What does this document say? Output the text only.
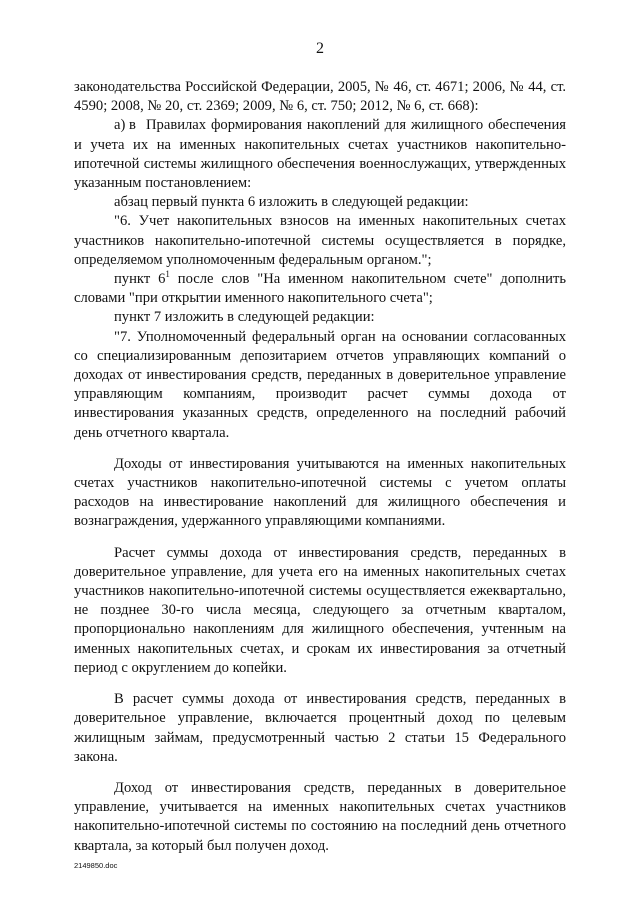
2

законодательства Российской Федерации, 2005, № 46, ст. 4671; 2006, № 44, ст. 4590; 2008, № 20, ст. 2369; 2009, № 6, ст. 750; 2012, № 6, ст. 668):

а) в Правилах формирования накоплений для жилищного обеспечения и учета их на именных накопительных счетах участников накопительно-ипотечной системы жилищного обеспечения военнослужащих, утвержденных указанным постановлением:

абзац первый пункта 6 изложить в следующей редакции:

"6. Учет накопительных взносов на именных накопительных счетах участников накопительно-ипотечной системы осуществляется в порядке, определяемом уполномоченным федеральным органом.";

пункт $6^1$ после слов "На именном накопительном счете" дополнить словами "при открытии именного накопительного счета";

пункт 7 изложить в следующей редакции:

"7. Уполномоченный федеральный орган на основании согласованных со специализированным депозитарием отчетов управляющих компаний о доходах от инвестирования средств, переданных в доверительное управление управляющим компаниям, производит расчет суммы дохода от инвестирования указанных средств, определенного на последний рабочий день отчетного квартала.

Доходы от инвестирования учитываются на именных накопительных счетах участников накопительно-ипотечной системы с учетом оплаты расходов на инвестирование накоплений для жилищного обеспечения и вознаграждения, удержанного управляющими компаниями.

Расчет суммы дохода от инвестирования средств, переданных в доверительное управление, для учета его на именных накопительных счетах участников накопительно-ипотечной системы осуществляется ежеквартально, не позднее 30-го числа месяца, следующего за отчетным кварталом, пропорционально накоплениям для жилищного обеспечения, учтенным на именных накопительных счетах, и срокам их инвестирования за отчетный период с округлением до копейки.

В расчет суммы дохода от инвестирования средств, переданных в доверительное управление, включается процентный доход по целевым жилищным займам, предусмотренный частью 2 статьи 15 Федерального закона.

Доход от инвестирования средств, переданных в доверительное управление, учитывается на именных накопительных счетах участников накопительно-ипотечной системы по состоянию на последний день отчетного квартала, за который был получен доход.

2149850.doc
